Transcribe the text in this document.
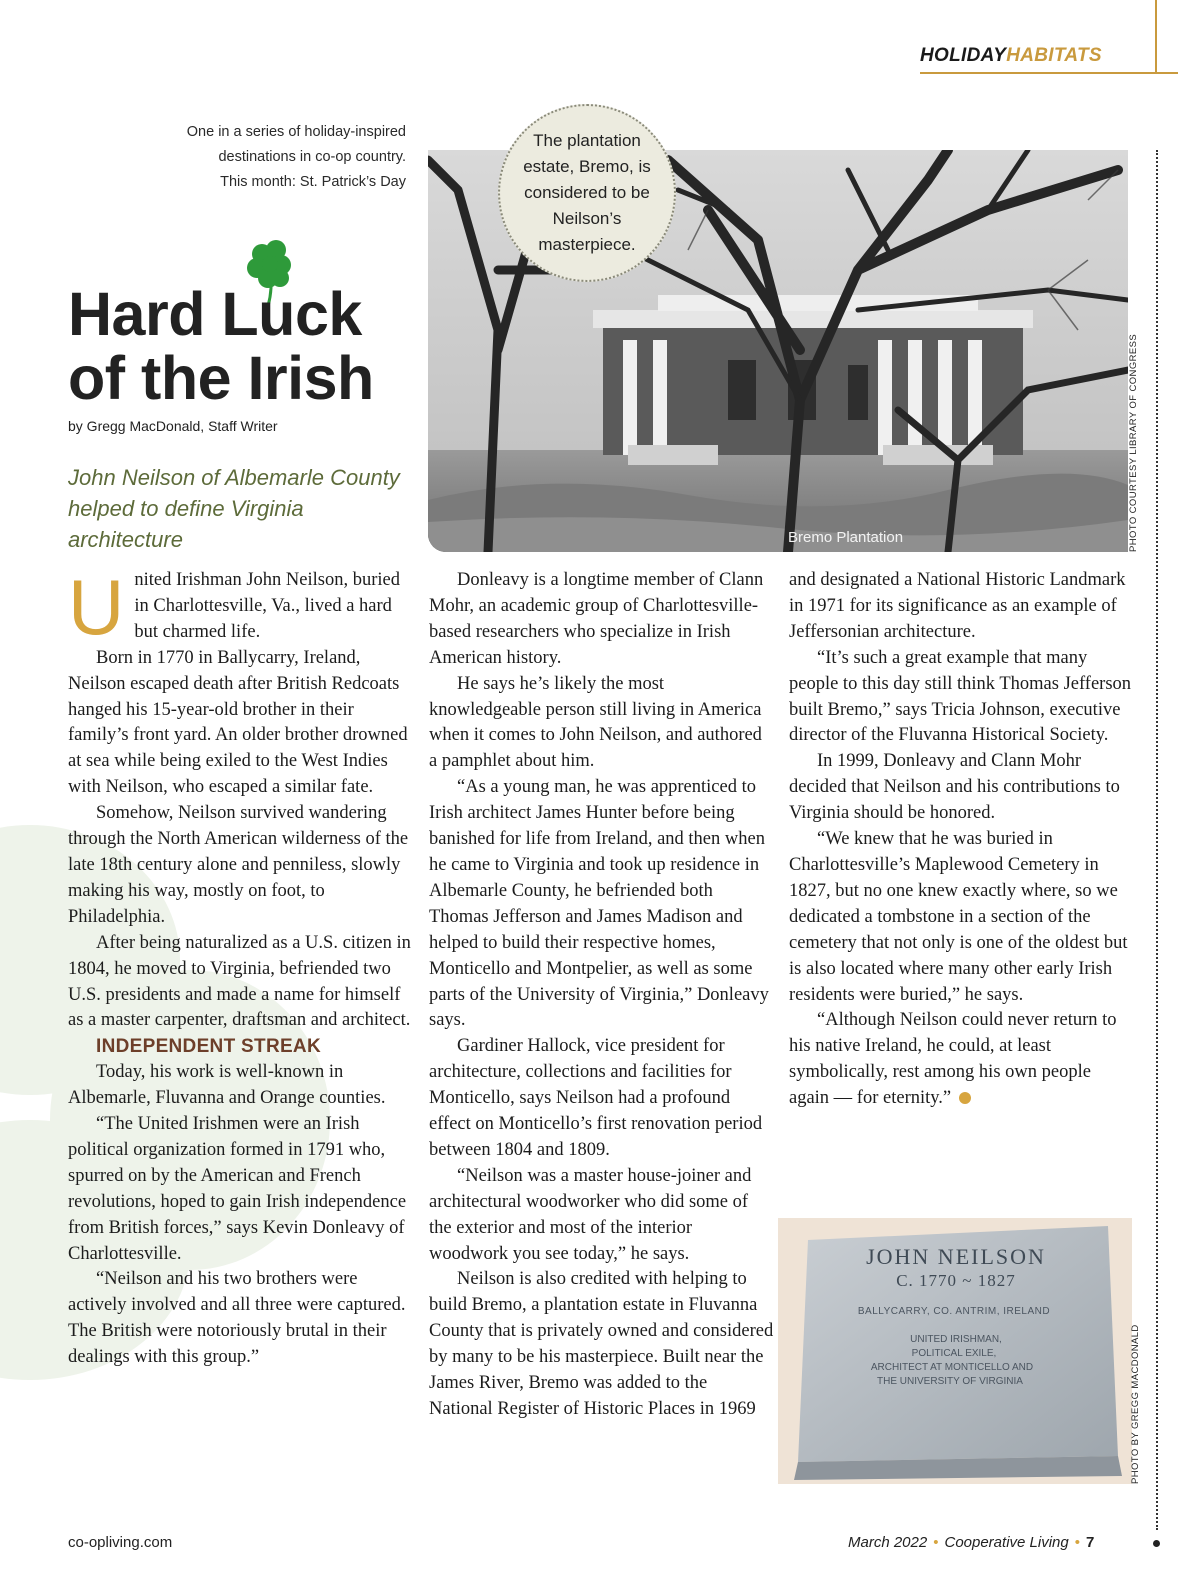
HOLIDAYHABITATS
One in a series of holiday-inspired
destinations in co-op country.
This month: St. Patrick’s Day
Hard Luck
of the Irish
by Gregg MacDonald, Staff Writer
John Neilson of Albemarle County helped to define Virginia architecture	Bremo Plantation	PHOTO COURTESY LIBRARY OF CONGRESS
The plantation estate, Bremo, is considered to be Neilson’s masterpiece.

United Irishman John Neilson, buried in Charlottesville, Va., lived a hard but charmed life.

Born in 1770 in Ballycarry, Ireland, Neilson escaped death after British Redcoats hanged his 15-year-old brother in their family’s front yard. An older brother drowned at sea while being exiled to the West Indies with Neilson, who escaped a similar fate.

Somehow, Neilson survived wandering through the North American wilderness of the late 18th century alone and penniless, slowly making his way, mostly on foot, to Philadelphia.

After being naturalized as a U.S. citizen in 1804, he moved to Virginia, befriended two U.S. presidents and made a name for himself as a master carpenter, draftsman and architect.

INDEPENDENT STREAK

Today, his work is well-known in Albemarle, Fluvanna and Orange counties.

“The United Irishmen were an Irish political organization formed in 1791 who, spurred on by the American and French revolutions, hoped to gain Irish independence from British forces,” says Kevin Donleavy of Charlottesville.

“Neilson and his two brothers were actively involved and all three were captured. The British were notoriously brutal in their dealings with this group.”

Donleavy is a longtime member of Clann Mohr, an academic group of Charlottesville-based researchers who specialize in Irish American history.

He says he’s likely the most knowledgeable person still living in America when it comes to John Neilson, and authored a pamphlet about him.

“As a young man, he was apprenticed to Irish architect James Hunter before being banished for life from Ireland, and then when he came to Virginia and took up residence in Albemarle County, he befriended both Thomas Jefferson and James Madison and helped to build their respective homes, Monticello and Montpelier, as well as some parts of the University of Virginia,” Donleavy says.

Gardiner Hallock, vice president for architecture, collections and facilities for Monticello, says Neilson had a profound effect on Monticello’s first renovation period between 1804 and 1809.

“Neilson was a master house-joiner and architectural woodworker who did some of the exterior and most of the interior woodwork you see today,” he says.

Neilson is also credited with helping to build Bremo, a plantation estate in Fluvanna County that is privately owned and considered by many to be his masterpiece. Built near the James River, Bremo was added to the National Register of Historic Places in 1969

and designated a National Historic Landmark in 1971 for its significance as an example of Jeffersonian architecture.

“It’s such a great example that many people to this day still think Thomas Jefferson built Bremo,” says Tricia Johnson, executive director of the Fluvanna Historical Society.

In 1999, Donleavy and Clann Mohr decided that Neilson and his contributions to Virginia should be honored.

“We knew that he was buried in Charlottesville’s Maplewood Cemetery in 1827, but no one knew exactly where, so we dedicated a tombstone in a section of the cemetery that not only is one of the oldest but is also located where many other early Irish residents were buried,” he says.

“Although Neilson could never return to his native Ireland, he could, at least symbolically, rest among his own people again — for eternity.”

JOHN NEILSON
C. 1770 ~ 1827
BALLYCARRY, CO. ANTRIM, IRELAND
UNITED IRISHMAN,
POLITICAL EXILE,
ARCHITECT AT MONTICELLO AND
THE UNIVERSITY OF VIRGINIA	PHOTO BY GREGG MACDONALD
co-opliving.com	March 2022 • Cooperative Living • 7
